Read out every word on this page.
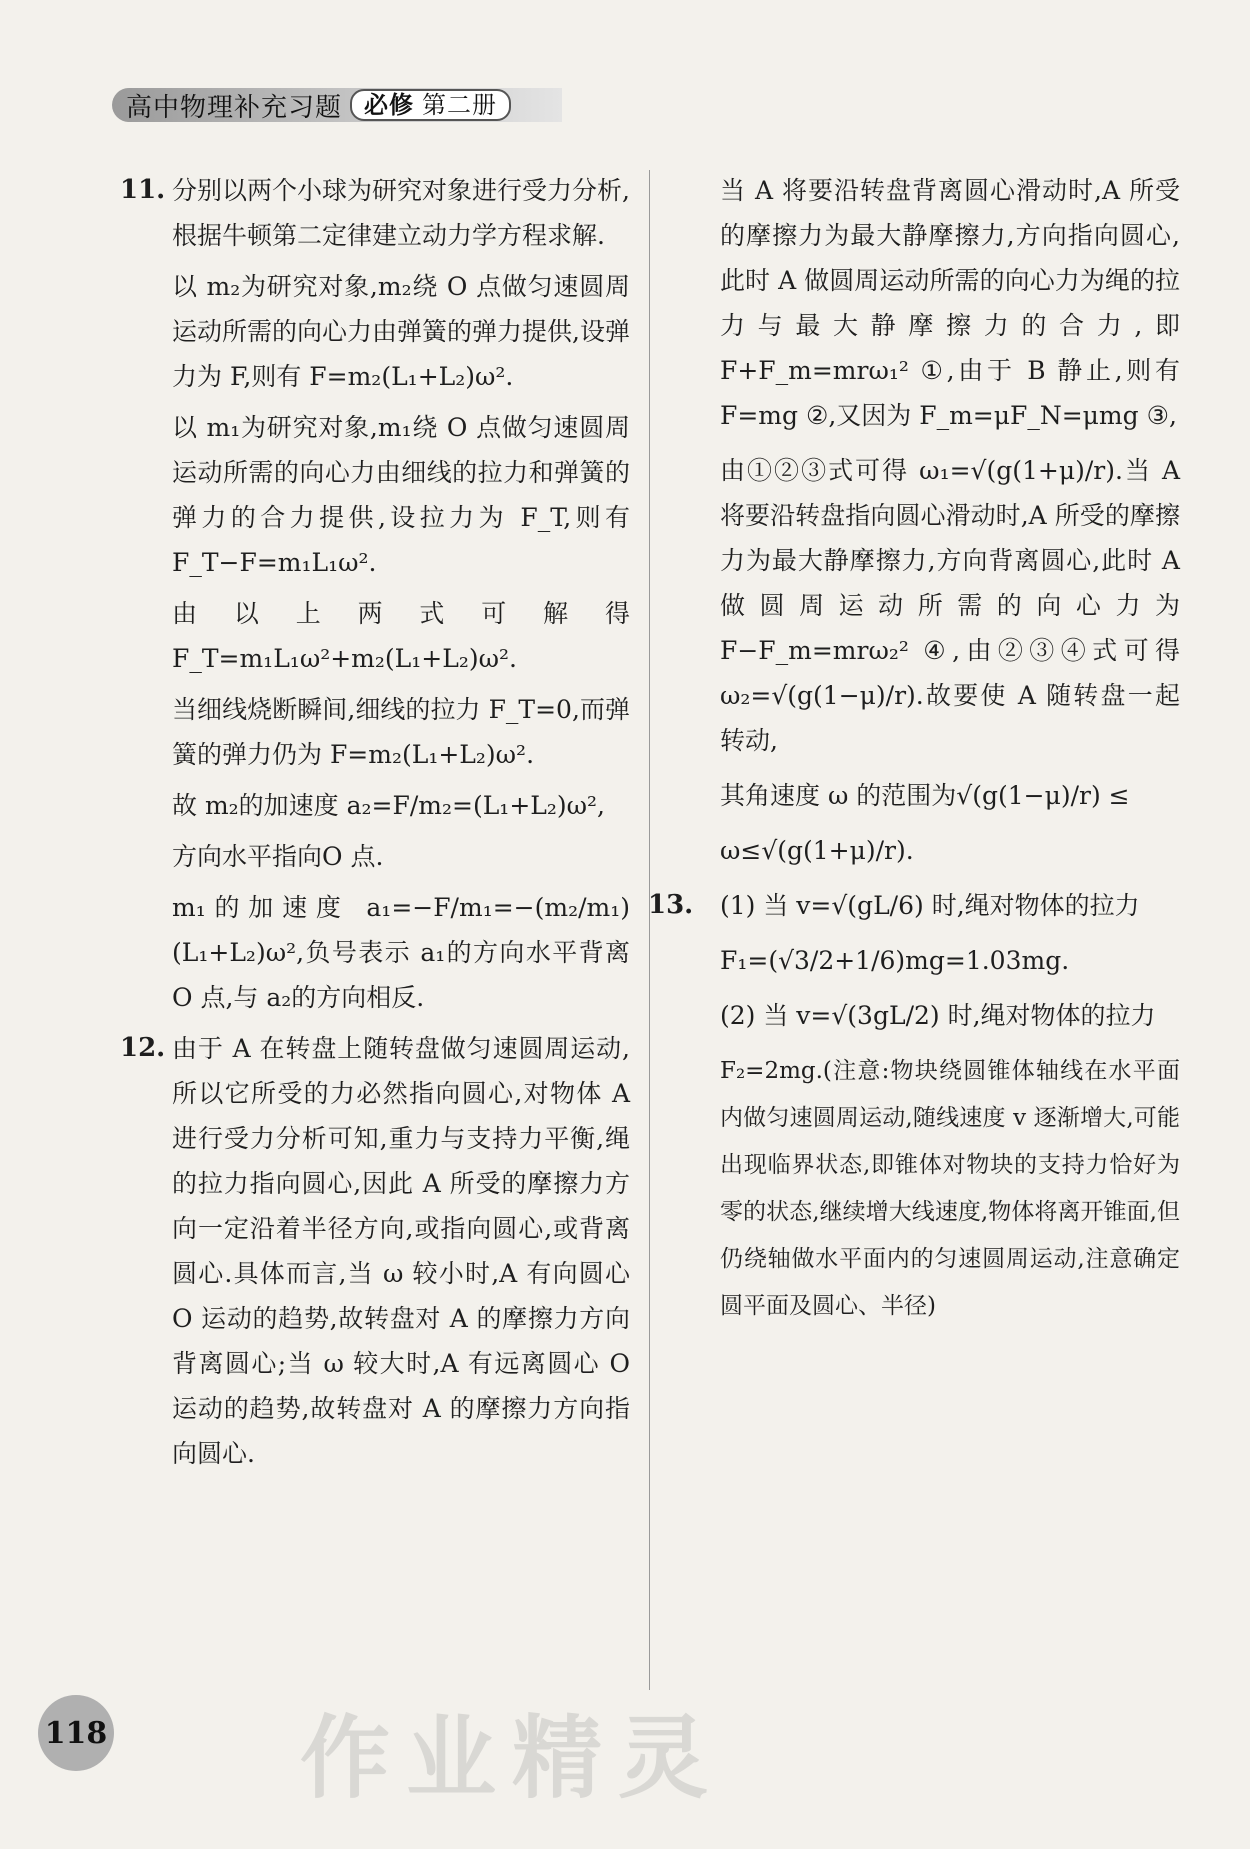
高中物理补充习题 必修 第二册
11. 分别以两个小球为研究对象进行受力分析,根据牛顿第二定律建立动力学方程求解.

以 m₂为研究对象,m₂绕 O 点做匀速圆周运动所需的向心力由弹簧的弹力提供,设弹力为 F,则有 F=m₂(L₁+L₂)ω².

以 m₁为研究对象,m₁绕 O 点做匀速圆周运动所需的向心力由细线的拉力和弹簧的弹力的合力提供,设拉力为 F_T,则有 F_T−F=m₁L₁ω².

由以上两式可解得 F_T=m₁L₁ω²+m₂(L₁+L₂)ω².

当细线烧断瞬间,细线的拉力 F_T=0,而弹簧的弹力仍为 F=m₂(L₁+L₂)ω².

故 m₂的加速度 a₂=F/m₂=(L₁+L₂)ω²,

方向水平指向O 点.

m₁的加速度 a₁=−F/m₁=−(m₂/m₁)(L₁+L₂)ω²,负号表示 a₁的方向水平背离 O 点,与 a₂的方向相反.

12. 由于 A 在转盘上随转盘做匀速圆周运动,所以它所受的力必然指向圆心,对物体 A 进行受力分析可知,重力与支持力平衡,绳的拉力指向圆心,因此 A 所受的摩擦力方向一定沿着半径方向,或指向圆心,或背离圆心.具体而言,当 ω 较小时,A 有向圆心 O 运动的趋势,故转盘对 A 的摩擦力方向背离圆心;当 ω 较大时,A 有远离圆心 O 运动的趋势,故转盘对 A 的摩擦力方向指向圆心.

当 A 将要沿转盘背离圆心滑动时,A 所受的摩擦力为最大静摩擦力,方向指向圆心,此时 A 做圆周运动所需的向心力为绳的拉力与最大静摩擦力的合力,即 F+F_m=mrω₁² ①,由于 B 静止,则有 F=mg ②,又因为 F_m=μF_N=μmg ③,

由①②③式可得 ω₁=√(g(1+μ)/r).当 A 将要沿转盘指向圆心滑动时,A 所受的摩擦力为最大静摩擦力,方向背离圆心,此时 A 做圆周运动所需的向心力为F−F_m=mrω₂² ④,由②③④式可得 ω₂=√(g(1−μ)/r).故要使 A 随转盘一起转动,

其角速度 ω 的范围为√(g(1−μ)/r) ≤

ω≤√(g(1+μ)/r).

13. (1) 当 v=√(gL/6) 时,绳对物体的拉力

F₁=(√3/2+1/6)mg=1.03mg.

(2) 当 v=√(3gL/2) 时,绳对物体的拉力

F₂=2mg.(注意:物块绕圆锥体轴线在水平面内做匀速圆周运动,随线速度 v 逐渐增大,可能出现临界状态,即锥体对物块的支持力恰好为零的状态,继续增大线速度,物体将离开锥面,但仍绕轴做水平面内的匀速圆周运动,注意确定圆平面及圆心、半径)

118 作业精灵
